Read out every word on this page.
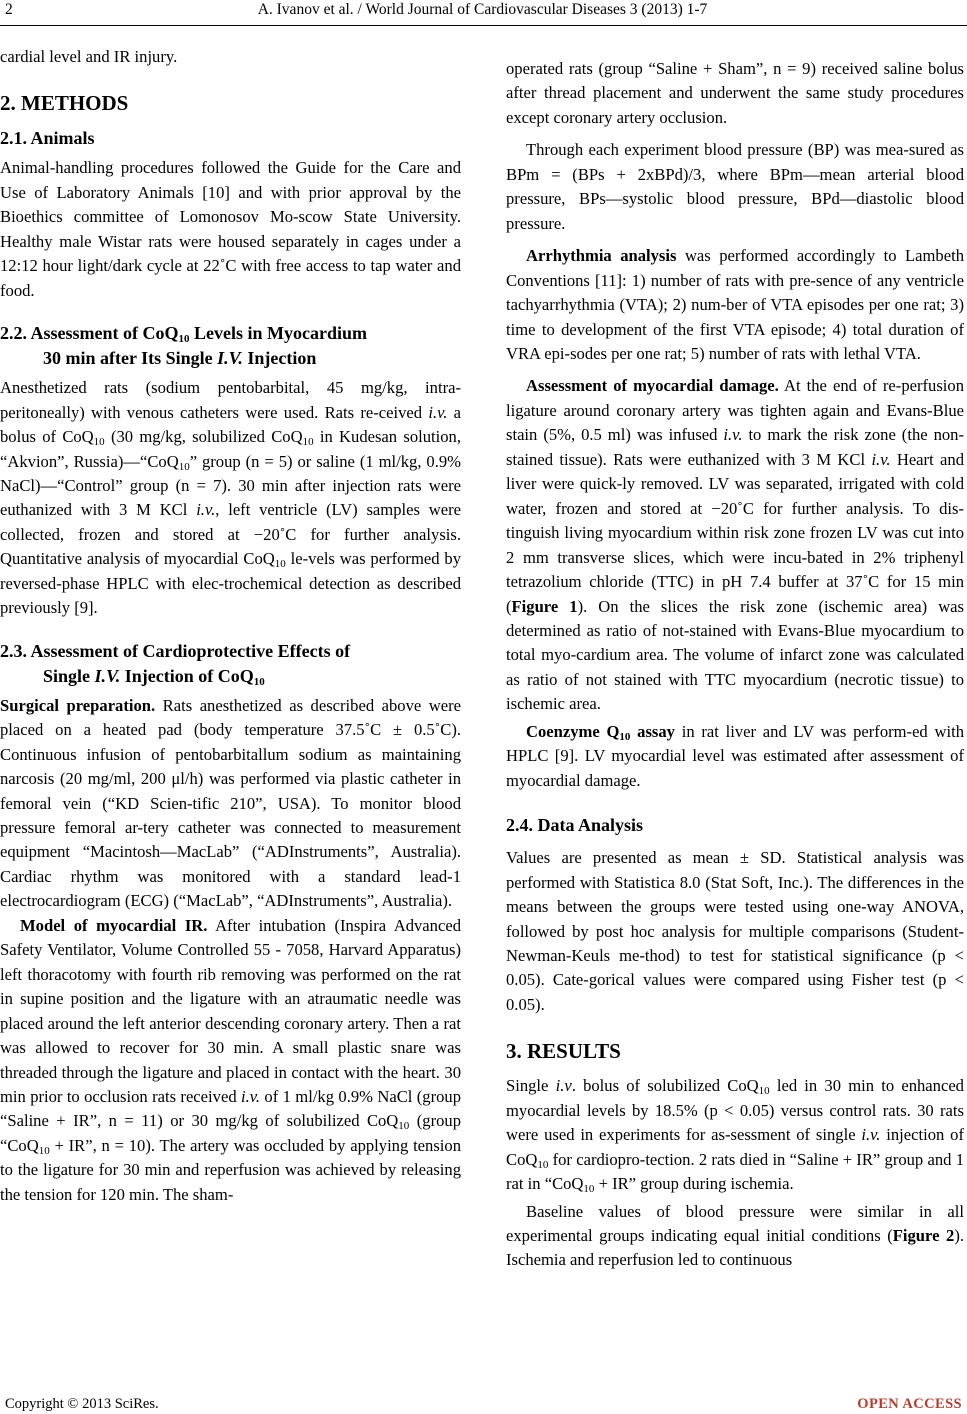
2	A. Ivanov et al. / World Journal of Cardiovascular Diseases 3 (2013) 1-7

cardial level and IR injury.

2. METHODS
2.1. Animals

Animal-handling procedures followed the Guide for the Care and Use of Laboratory Animals [10] and with prior approval by the Bioethics committee of Lomonosov Mo-scow State University. Healthy male Wistar rats were housed separately in cages under a 12:12 hour light/dark cycle at 22˚C with free access to tap water and food.

2.2. Assessment of CoQ$_{10}$ Levels in Myocardium
30 min after Its Single I.V. Injection

Anesthetized rats (sodium pentobarbital, 45 mg/kg, intra-peritoneally) with venous catheters were used. Rats re-ceived i.v. a bolus of CoQ$_{10}$ (30 mg/kg, solubilized CoQ$_{10}$ in Kudesan solution, “Akvion”, Russia)—“CoQ$_{10}$” group (n = 5) or saline (1 ml/kg, 0.9% NaCl)—“Control” group (n = 7). 30 min after injection rats were euthanized with 3 M KCl i.v., left ventricle (LV) samples were collected, frozen and stored at −20˚C for further analysis. Quantitative analysis of myocardial CoQ$_{10}$ le-vels was performed by reversed-phase HPLC with elec-trochemical detection as described previously [9].

2.3. Assessment of Cardioprotective Effects of
Single I.V. Injection of CoQ$_{10}$

Surgical preparation. Rats anesthetized as described above were placed on a heated pad (body temperature 37.5˚C ± 0.5˚C). Continuous infusion of pentobarbitallum sodium as maintaining narcosis (20 mg/ml, 200 μl/h) was performed via plastic catheter in femoral vein (“KD Scien-tific 210”, USA). To monitor blood pressure femoral ar-tery catheter was connected to measurement equipment “Macintosh—MacLab” (“ADInstruments”, Australia). Cardiac rhythm was monitored with a standard lead-1 electrocardiogram (ECG) (“MacLab”, “ADInstruments”, Australia).

Model of myocardial IR. After intubation (Inspira Advanced Safety Ventilator, Volume Controlled 55 - 7058, Harvard Apparatus) left thoracotomy with fourth rib removing was performed on the rat in supine position and the ligature with an atraumatic needle was placed around the left anterior descending coronary artery. Then a rat was allowed to recover for 30 min. A small plastic snare was threaded through the ligature and placed in contact with the heart. 30 min prior to occlusion rats received i.v. of 1 ml/kg 0.9% NaCl (group “Saline + IR”, n = 11) or 30 mg/kg of solubilized CoQ$_{10}$ (group “CoQ$_{10}$ + IR”, n = 10). The artery was occluded by applying tension to the ligature for 30 min and reperfusion was achieved by releasing the tension for 120 min. The sham-

operated rats (group “Saline + Sham”, n = 9) received saline bolus after thread placement and underwent the same study procedures except coronary artery occlusion.

Through each experiment blood pressure (BP) was mea-sured as BPm = (BPs + 2xBPd)/3, where BPm—mean arterial blood pressure, BPs—systolic blood pressure, BPd—diastolic blood pressure.

Arrhythmia analysis was performed accordingly to Lambeth Conventions [11]: 1) number of rats with pre-sence of any ventricle tachyarrhythmia (VTA); 2) num-ber of VTA episodes per one rat; 3) time to development of the first VTA episode; 4) total duration of VRA epi-sodes per one rat; 5) number of rats with lethal VTA.

Assessment of myocardial damage. At the end of re-perfusion ligature around coronary artery was tighten again and Evans-Blue stain (5%, 0.5 ml) was infused i.v. to mark the risk zone (the non-stained tissue). Rats were euthanized with 3 M KCl i.v. Heart and liver were quick-ly removed. LV was separated, irrigated with cold water, frozen and stored at −20˚C for further analysis. To dis-tinguish living myocardium within risk zone frozen LV was cut into 2 mm transverse slices, which were incu-bated in 2% triphenyl tetrazolium chloride (TTC) in pH 7.4 buffer at 37˚C for 15 min (Figure 1). On the slices the risk zone (ischemic area) was determined as ratio of not-stained with Evans-Blue myocardium to total myo-cardium area. The volume of infarct zone was calculated as ratio of not stained with TTC myocardium (necrotic tissue) to ischemic area.

Coenzyme $Q_{10}$ assay in rat liver and LV was perform-ed with HPLC [9]. LV myocardial level was estimated after assessment of myocardial damage.

2.4. Data Analysis

Values are presented as mean ± SD. Statistical analysis was performed with Statistica 8.0 (Stat Soft, Inc.). The differences in the means between the groups were tested using one-way ANOVA, followed by post hoc analysis for multiple comparisons (Student-Newman-Keuls me-thod) to test for statistical significance (p < 0.05). Cate-gorical values were compared using Fisher test (p < 0.05).

3. RESULTS

Single i.v. bolus of solubilized CoQ$_{10}$ led in 30 min to enhanced myocardial levels by 18.5% (p < 0.05) versus control rats. 30 rats were used in experiments for as-sessment of single i.v. injection of CoQ$_{10}$ for cardiopro-tection. 2 rats died in “Saline + IR” group and 1 rat in “CoQ$_{10}$ + IR” group during ischemia.

Baseline values of blood pressure were similar in all experimental groups indicating equal initial conditions (Figure 2). Ischemia and reperfusion led to continuous

Copyright © 2013 SciRes.	OPEN ACCESS
